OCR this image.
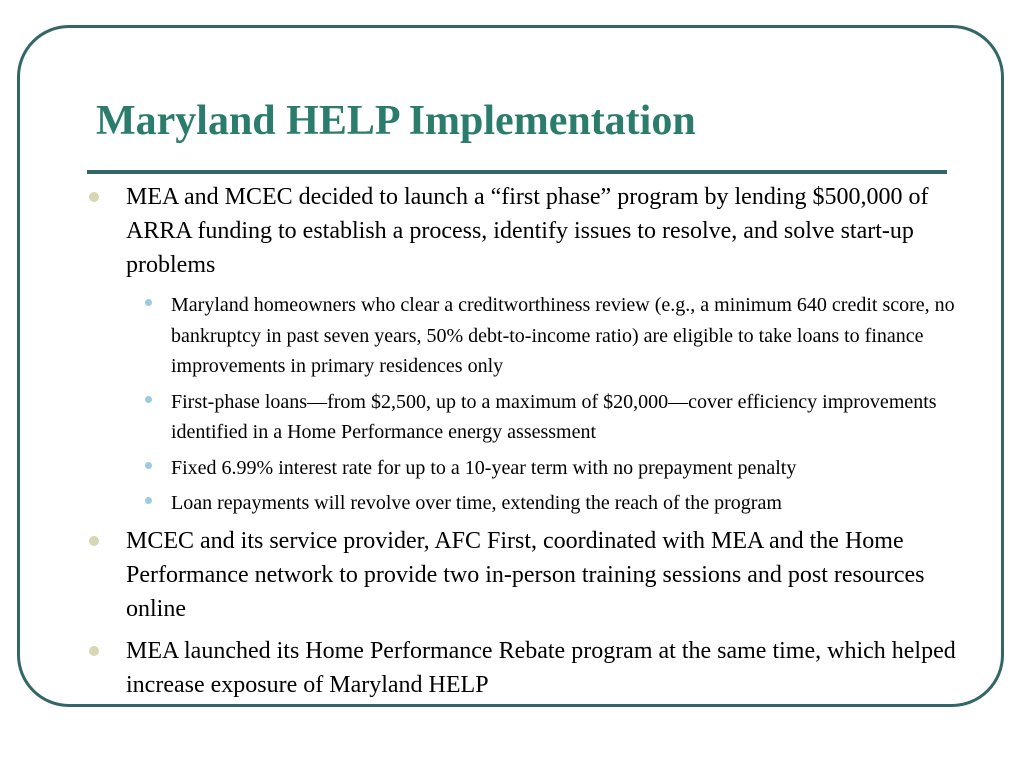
Maryland HELP Implementation
MEA and MCEC decided to launch a “first phase” program by lending $500,000 of ARRA funding to establish a process, identify issues to resolve, and solve start-up problems
Maryland homeowners who clear a creditworthiness review (e.g., a minimum 640 credit score, no bankruptcy in past seven years, 50% debt-to-income ratio) are eligible to take loans to finance improvements in primary residences only
First-phase loans—from $2,500, up to a maximum of $20,000—cover efficiency improvements identified in a Home Performance energy assessment
Fixed 6.99% interest rate for up to a 10-year term with no prepayment penalty
Loan repayments will revolve over time, extending the reach of the program
MCEC and its service provider, AFC First, coordinated with MEA and the Home Performance network to provide two in-person training sessions and post resources online
MEA launched its Home Performance Rebate program at the same time, which helped increase exposure of Maryland HELP
